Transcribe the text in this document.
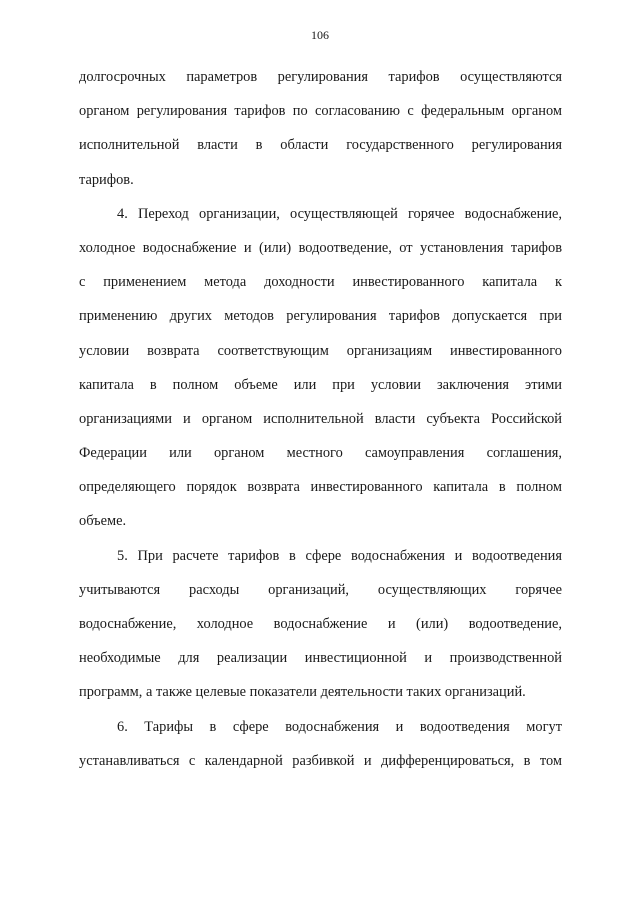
106
долгосрочных параметров регулирования тарифов осуществляются
органом регулирования тарифов по согласованию с федеральным органом
исполнительной власти в области государственного регулирования
тарифов.
4. Переход организации, осуществляющей горячее водоснабжение,
холодное водоснабжение и (или) водоотведение, от установления тарифов
с применением метода доходности инвестированного капитала к
применению других методов регулирования тарифов допускается при
условии возврата соответствующим организациям инвестированного
капитала в полном объеме или при условии заключения этими
организациями и органом исполнительной власти субъекта Российской
Федерации или органом местного самоуправления соглашения,
определяющего порядок возврата инвестированного капитала в полном
объеме.
5. При расчете тарифов в сфере водоснабжения и водоотведения
учитываются расходы организаций, осуществляющих горячее
водоснабжение, холодное водоснабжение и (или) водоотведение,
необходимые для реализации инвестиционной и производственной
программ, а также целевые показатели деятельности таких организаций.
6. Тарифы в сфере водоснабжения и водоотведения могут
устанавливаться с календарной разбивкой и дифференцироваться, в том
